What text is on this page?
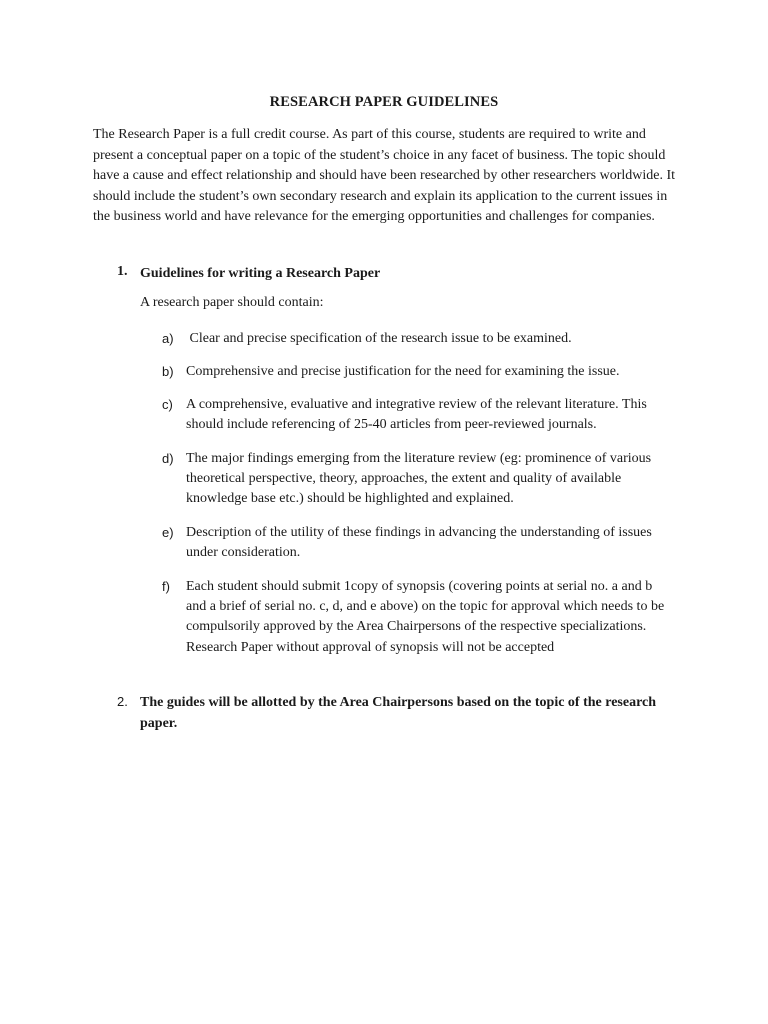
RESEARCH PAPER GUIDELINES

The Research Paper is a full credit course. As part of this course, students are required to write and present a conceptual paper on a topic of the student’s choice in any facet of business. The topic should have a cause and effect relationship and should have been researched by other researchers worldwide. It should include the student’s own secondary research and explain its application to the current issues in the business world and have relevance for the emerging opportunities and challenges for companies.

1. Guidelines for writing a Research Paper
A research paper should contain:
a) Clear and precise specification of the research issue to be examined.

b) Comprehensive and precise justification for the need for examining the issue.

c) A comprehensive, evaluative and integrative review of the relevant literature. This should include referencing of 25-40 articles from peer-reviewed journals.

d) The major findings emerging from the literature review (eg: prominence of various theoretical perspective, theory, approaches, the extent and quality of available knowledge base etc.) should be highlighted and explained.

e) Description of the utility of these findings in advancing the understanding of issues under consideration.

f) Each student should submit 1copy of synopsis (covering points at serial no. a and b and a brief of serial no. c, d, and e above) on the topic for approval which needs to be compulsorily approved by the Area Chairpersons of the respective specializations. Research Paper without approval of synopsis will not be accepted

2. The guides will be allotted by the Area Chairpersons based on the topic of the research paper.
